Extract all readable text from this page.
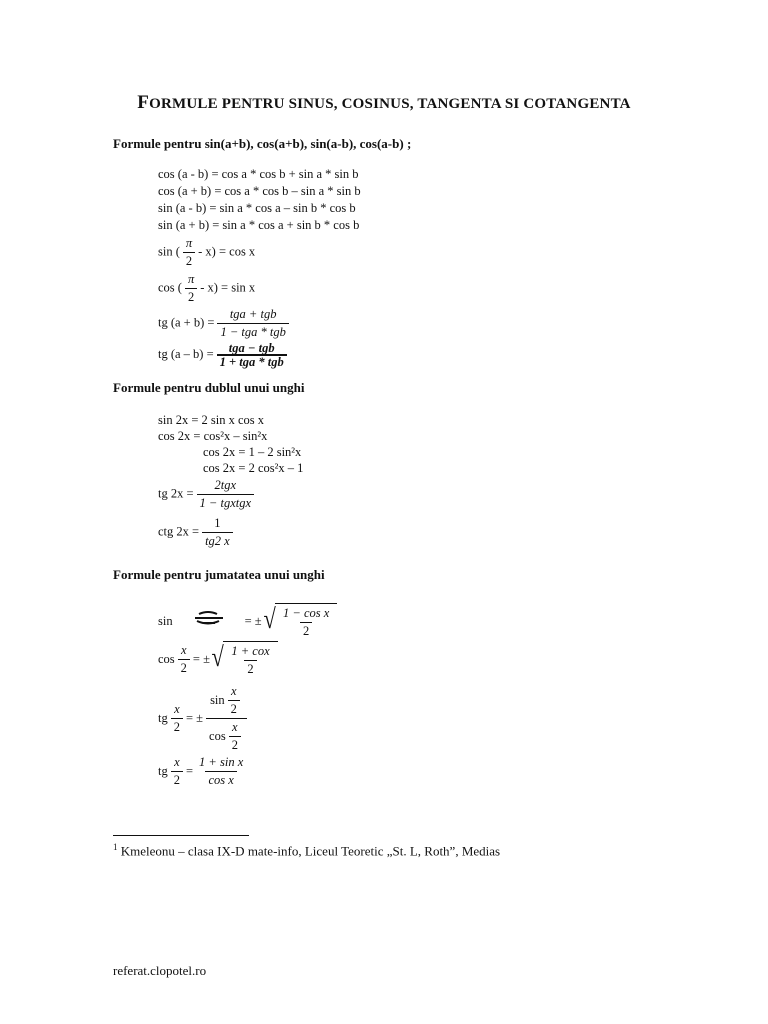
FORMULE PENTRU SINUS, COSINUS, TANGENTA SI COTANGENTA
Formule pentru sin(a+b), cos(a+b), sin(a-b), cos(a-b) ;
cos (a - b) = cos a * cos b + sin a * sin b
cos (a + b) = cos a * cos b – sin a * sin b
sin (a - b) = sin a * cos a – sin b * cos b
sin (a + b) = sin a * cos a + sin b * cos b
sin ( $\frac{\pi}{2} - x) = \cos x$
cos ( $\frac{\pi}{2} - x) = \sin x$
tg $(a + b) = \frac{\text{tga + tgb}}{\text{1 − tga * tgb}}$
tg $(a - b) = \frac{\text{tga − tgb}}{\text{1 + tga * tgb}}$
Formule pentru dublul unui unghi
sin 2x = 2 sin x cos x
cos 2x = cos²x – sin²x
cos 2x = 1 – 2 sin²x
cos 2x = 2 cos²x – 1
tg $2x = \frac{\text{2tgx}}{\text{1 − tgxtgx}}$
ctg $2x = \frac{1}{tg2 x}$
Formule pentru jumatatea unui unghi
sin	= ± √ $\frac{\text{1 − cos x}}{2}$
$\cos \frac{x}{2}$ = ± √ $\frac{\text{1 + cox}}{2}$
tg $\frac{x}{2}$ = ± $\frac{\sin \frac{x}{2}}{\cos \frac{x}{2}}$
tg $\frac{x}{2} = \frac{\text{1 + sin x}}{\text{cos x}}$
$^1$ Kmeleonu – clasa IX-D mate-info, Liceul Teoretic „St. L, Roth”, Medias
referat.clopotel.ro
